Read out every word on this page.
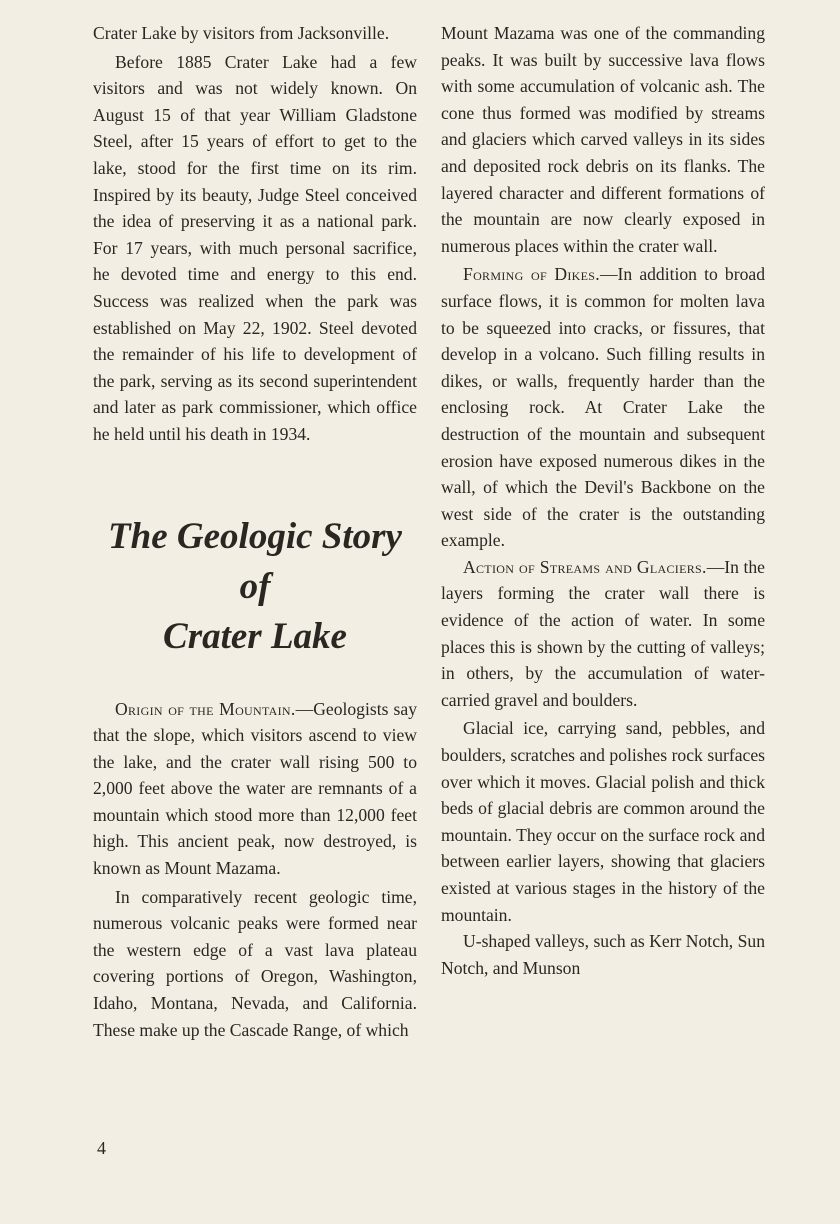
Crater Lake by visitors from Jacksonville.

Before 1885 Crater Lake had a few visitors and was not widely known. On August 15 of that year William Gladstone Steel, after 15 years of effort to get to the lake, stood for the first time on its rim. Inspired by its beauty, Judge Steel conceived the idea of preserving it as a national park. For 17 years, with much personal sacrifice, he devoted time and energy to this end. Success was realized when the park was established on May 22, 1902. Steel devoted the remainder of his life to development of the park, serving as its second superintendent and later as park commissioner, which office he held until his death in 1934.

The Geologic Story of
Crater Lake

Origin of the Mountain.—Geologists say that the slope, which visitors ascend to view the lake, and the crater wall rising 500 to 2,000 feet above the water are remnants of a mountain which stood more than 12,000 feet high. This ancient peak, now destroyed, is known as Mount Mazama.

In comparatively recent geologic time, numerous volcanic peaks were formed near the western edge of a vast lava plateau covering portions of Oregon, Washington, Idaho, Montana, Nevada, and California. These make up the Cascade Range, of which

Mount Mazama was one of the commanding peaks. It was built by successive lava flows with some accumulation of volcanic ash. The cone thus formed was modified by streams and glaciers which carved valleys in its sides and deposited rock debris on its flanks. The layered character and different formations of the mountain are now clearly exposed in numerous places within the crater wall.

Forming of Dikes.—In addition to broad surface flows, it is common for molten lava to be squeezed into cracks, or fissures, that develop in a volcano. Such filling results in dikes, or walls, frequently harder than the enclosing rock. At Crater Lake the destruction of the mountain and subsequent erosion have exposed numerous dikes in the wall, of which the Devil's Backbone on the west side of the crater is the outstanding example.

Action of Streams and Glaciers.—In the layers forming the crater wall there is evidence of the action of water. In some places this is shown by the cutting of valleys; in others, by the accumulation of water-carried gravel and boulders.

Glacial ice, carrying sand, pebbles, and boulders, scratches and polishes rock surfaces over which it moves. Glacial polish and thick beds of glacial debris are common around the mountain. They occur on the surface rock and between earlier layers, showing that glaciers existed at various stages in the history of the mountain.

U-shaped valleys, such as Kerr Notch, Sun Notch, and Munson

4
